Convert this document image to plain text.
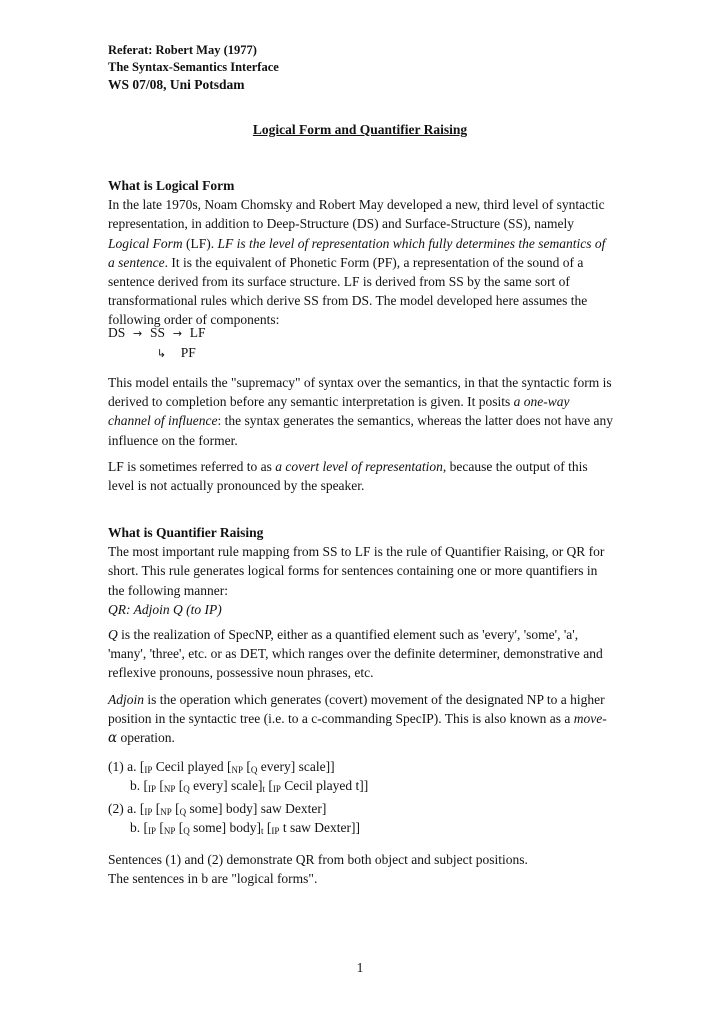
Referat: Robert May (1977)
The Syntax-Semantics Interface
WS 07/08, Uni Potsdam
Logical Form and Quantifier Raising
What is Logical Form
In the late 1970s, Noam Chomsky and Robert May developed a new, third level of syntactic representation, in addition to Deep-Structure (DS) and Surface-Structure (SS), namely Logical Form (LF). LF is the level of representation which fully determines the semantics of a sentence. It is the equivalent of Phonetic Form (PF), a representation of the sound of a sentence derived from its surface structure. LF is derived from SS by the same sort of transformational rules which derive SS from DS. The model developed here assumes the following order of components:
DS → SS → LF
↳ PF
This model entails the "supremacy" of syntax over the semantics, in that the syntactic form is derived to completion before any semantic interpretation is given. It posits a one-way channel of influence: the syntax generates the semantics, whereas the latter does not have any influence on the former.
LF is sometimes referred to as a covert level of representation, because the output of this level is not actually pronounced by the speaker.
What is Quantifier Raising
The most important rule mapping from SS to LF is the rule of Quantifier Raising, or QR for short. This rule generates logical forms for sentences containing one or more quantifiers in the following manner:
QR: Adjoin Q (to IP)
Q is the realization of SpecNP, either as a quantified element such as 'every', 'some', 'a', 'many', 'three', etc. or as DET, which ranges over the definite determiner, demonstrative and reflexive pronouns, possessive noun phrases, etc.
Adjoin is the operation which generates (covert) movement of the designated NP to a higher position in the syntactic tree (i.e. to a c-commanding SpecIP). This is also known as a move-α operation.
(1) a. [$_{IP}$ Cecil played [$_{NP}$ [$_Q$ every] scale]]
b. [$_{IP}$ [$_{NP}$ [$_Q$ every] $scale]_t$ [$_{IP}$ Cecil played t]]
(2) a. [$_{IP}$ [$_{NP}$ [$_Q$ some] body] saw Dexter]
b. [$_{IP}$ [$_{NP}$ [$_Q$ some] $body]_t$ [$_{IP}$ t saw Dexter]]
Sentences (1) and (2) demonstrate QR from both object and subject positions.
The sentences in b are "logical forms".
1
